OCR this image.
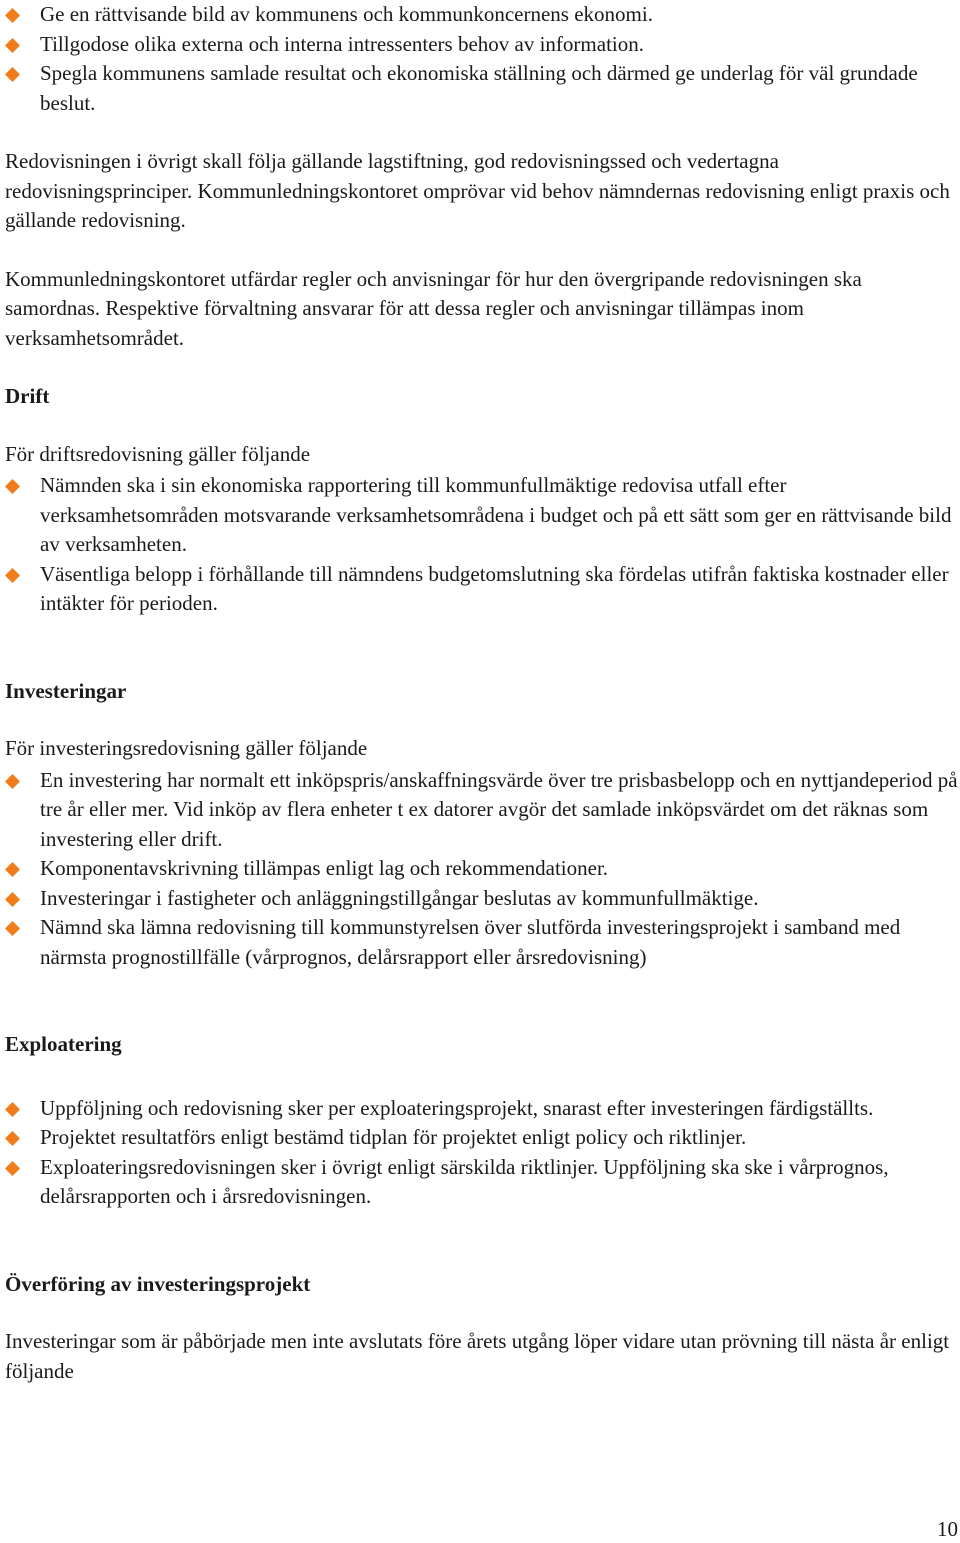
Ge en rättvisande bild av kommunens och kommunkoncernens ekonomi.
Tillgodose olika externa och interna intressenters behov av information.
Spegla kommunens samlade resultat och ekonomiska ställning och därmed ge underlag för väl grundade beslut.

Redovisningen i övrigt skall följa gällande lagstiftning, god redovisningssed och vedertagna redovisningsprinciper. Kommunledningskontoret omprövar vid behov nämndernas redovisning enligt praxis och gällande redovisning.

Kommunledningskontoret utfärdar regler och anvisningar för hur den övergripande redovisningen ska samordnas. Respektive förvaltning ansvarar för att dessa regler och anvisningar tillämpas inom verksamhetsområdet.

Drift

För driftsredovisning gäller följande

Nämnden ska i sin ekonomiska rapportering till kommunfullmäktige redovisa utfall efter verksamhetsområden motsvarande verksamhetsområdena i budget och på ett sätt som ger en rättvisande bild av verksamheten.
Väsentliga belopp i förhållande till nämndens budgetomslutning ska fördelas utifrån faktiska kostnader eller intäkter för perioden.
Investeringar

För investeringsredovisning gäller följande

En investering har normalt ett inköpspris/anskaffningsvärde över tre prisbasbelopp och en nyttjandeperiod på tre år eller mer. Vid inköp av flera enheter t ex datorer avgör det samlade inköpsvärdet om det räknas som investering eller drift.
Komponentavskrivning tillämpas enligt lag och rekommendationer.
Investeringar i fastigheter och anläggningstillgångar beslutas av kommunfullmäktige.
Nämnd ska lämna redovisning till kommunstyrelsen över slutförda investeringsprojekt i samband med närmsta prognostillfälle (vårprognos, delårsrapport eller årsredovisning)
Exploatering
Uppföljning och redovisning sker per exploateringsprojekt, snarast efter investeringen färdigställts.
Projektet resultatförs enligt bestämd tidplan för projektet enligt policy och riktlinjer.
Exploateringsredovisningen sker i övrigt enligt särskilda riktlinjer. Uppföljning ska ske i vårprognos, delårsrapporten och i årsredovisningen.
Överföring av investeringsprojekt

Investeringar som är påbörjade men inte avslutats före årets utgång löper vidare utan prövning till nästa år enligt följande

10
